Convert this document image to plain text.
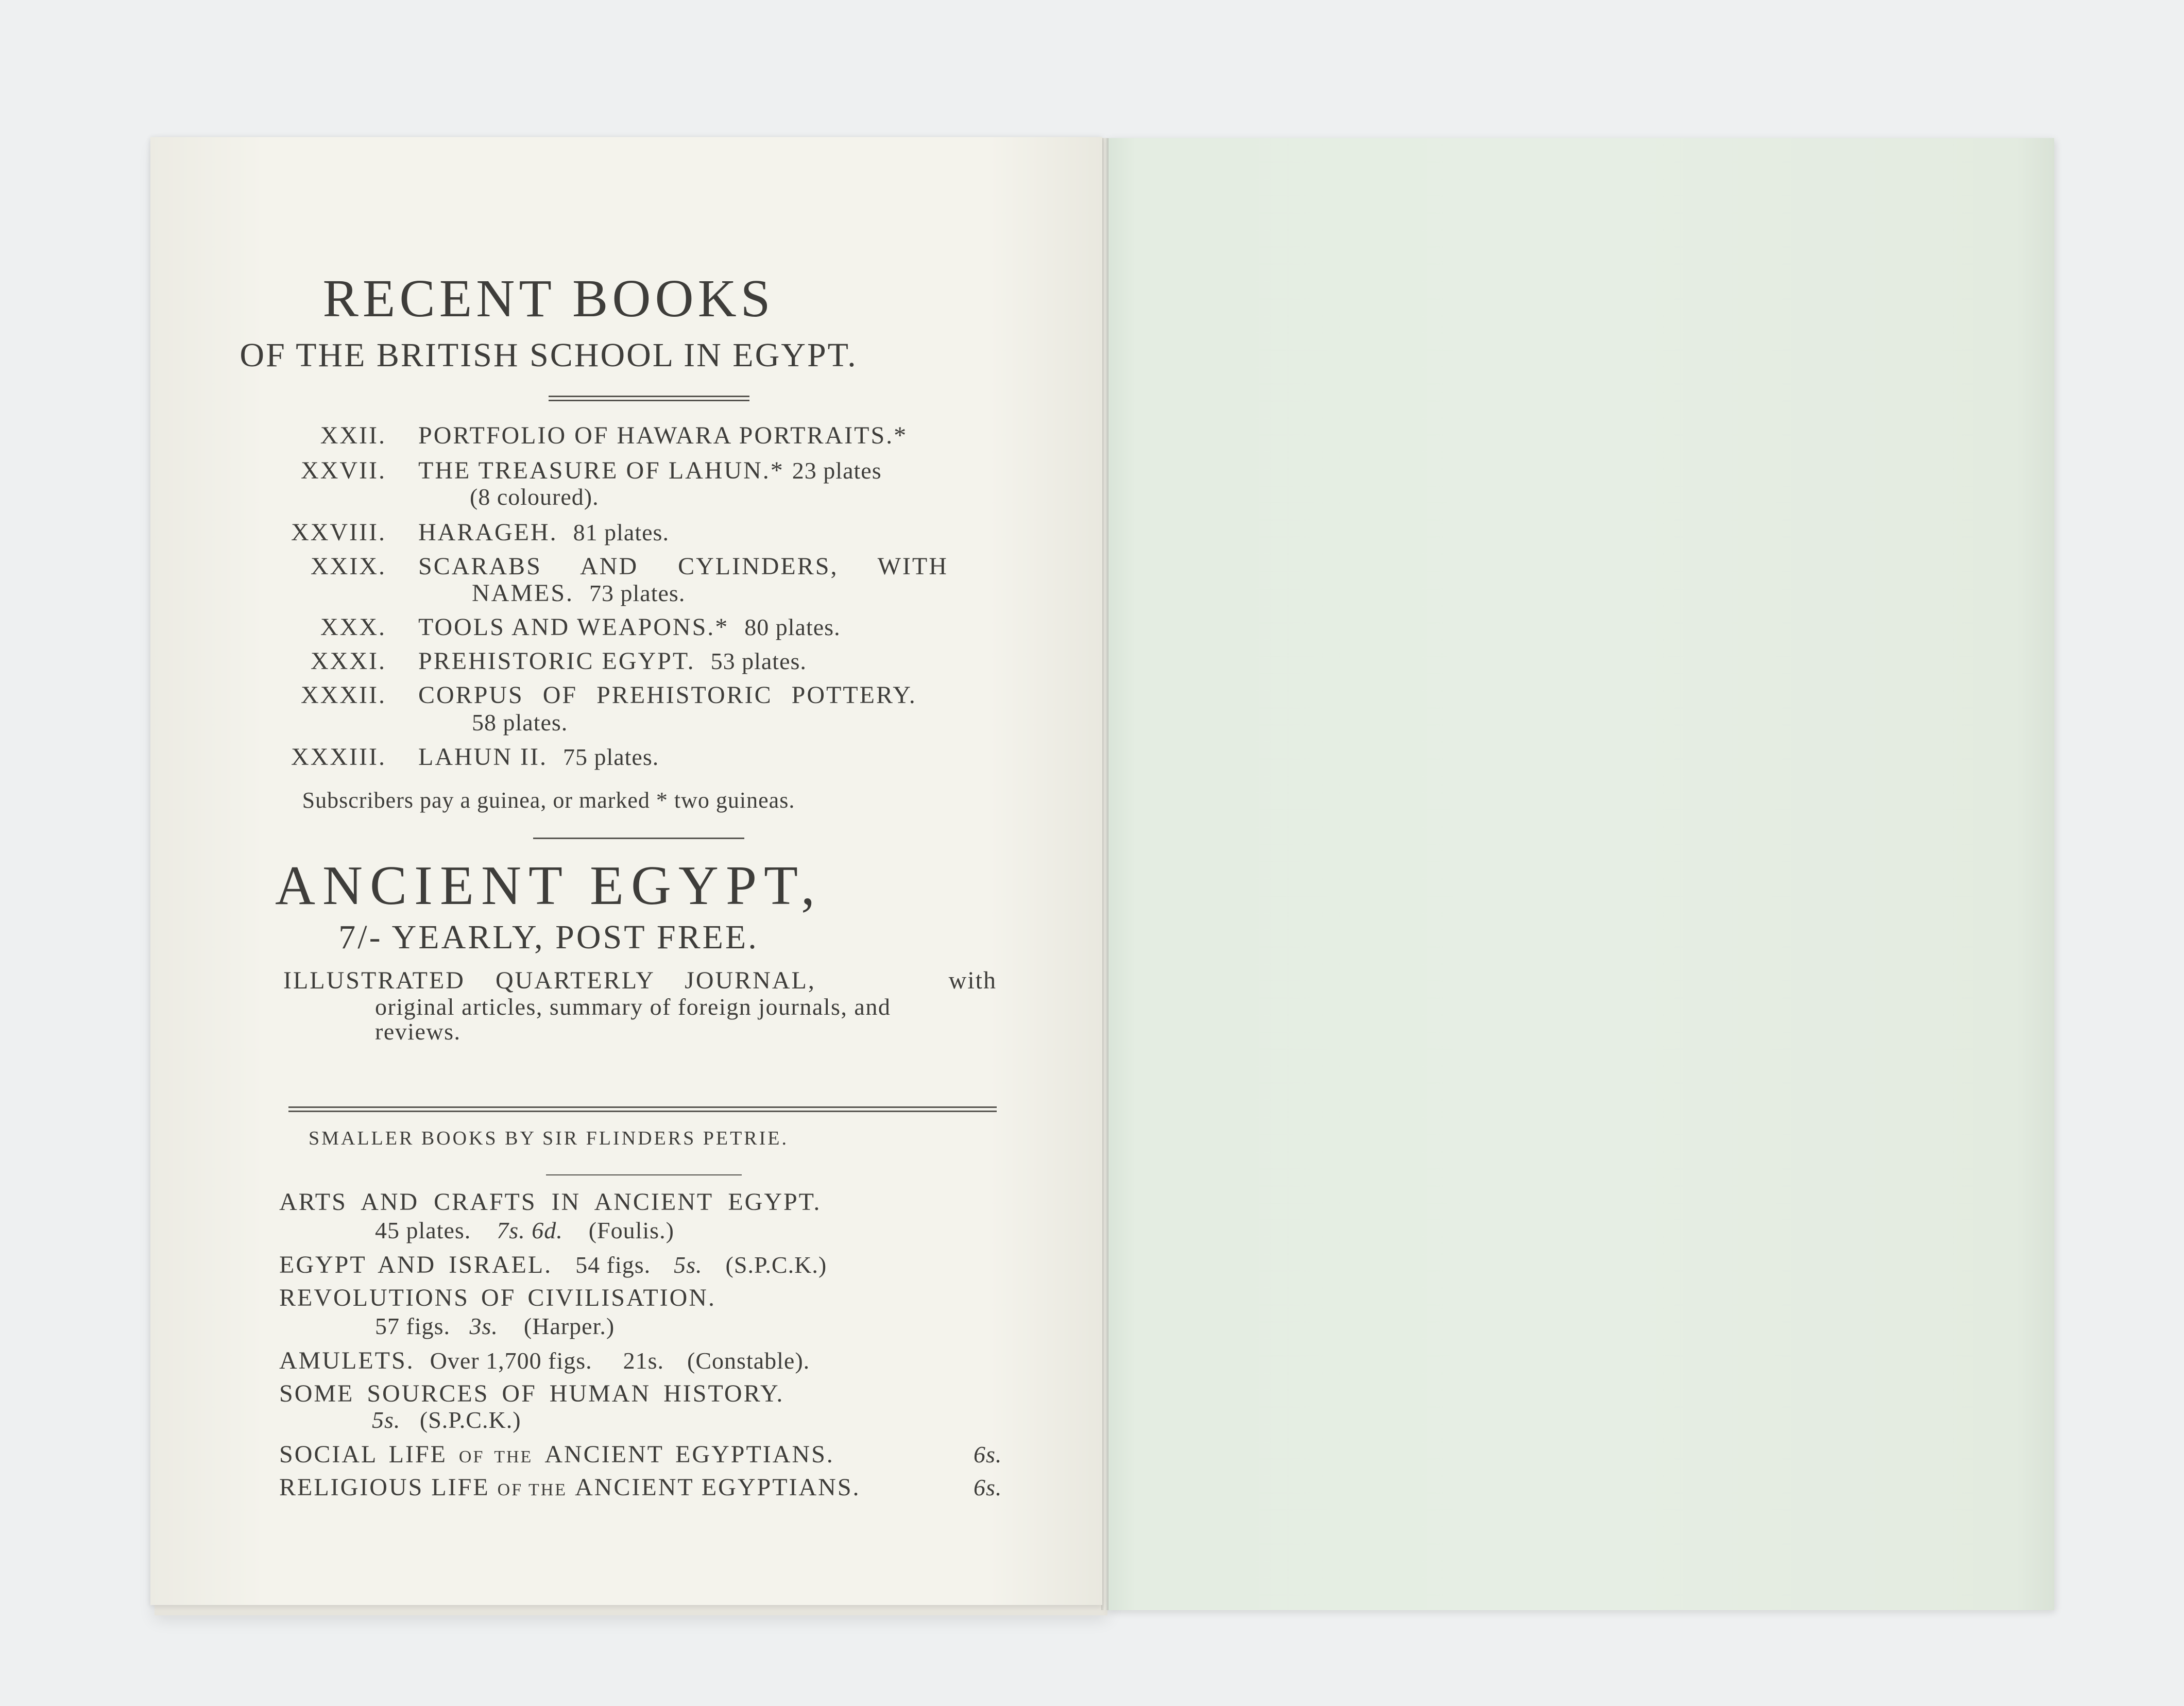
RECENT BOOKS
OF THE BRITISH SCHOOL IN EGYPT.
XXII. PORTFOLIO OF HAWARA PORTRAITS.*
XXVII. THE TREASURE OF LAHUN.* 23 plates
(8 coloured).
XXVIII. HARAGEH. 81 plates.
XXIX. SCARABS AND CYLINDERS, WITH
NAMES. 73 plates.
XXX. TOOLS AND WEAPONS.* 80 plates.
XXXI. PREHISTORIC EGYPT. 53 plates.
XXXII. CORPUS OF PREHISTORIC POTTERY.
58 plates.
XXXIII. LAHUN II. 75 plates.
Subscribers pay a guinea, or marked * two guineas.
ANCIENT EGYPT,
7/- YEARLY, POST FREE.
ILLUSTRATED QUARTERLY JOURNAL,	with
original articles, summary of foreign journals, and
reviews.
SMALLER BOOKS BY SIR FLINDERS PETRIE.
ARTS AND CRAFTS IN ANCIENT EGYPT.
45 plates. 7s. 6d. (Foulis.)
EGYPT AND ISRAEL. 54 figs. 5s. (S.P.C.K.)
REVOLUTIONS OF CIVILISATION.
57 figs. 3s. (Harper.)
AMULETS. Over 1,700 figs. 21s. (Constable).
SOME SOURCES OF HUMAN HISTORY.
5s. (S.P.C.K.)
SOCIAL LIFE OF THE ANCIENT EGYPTIANS.	6s.
RELIGIOUS LIFE OF THE ANCIENT EGYPTIANS.	6s.
